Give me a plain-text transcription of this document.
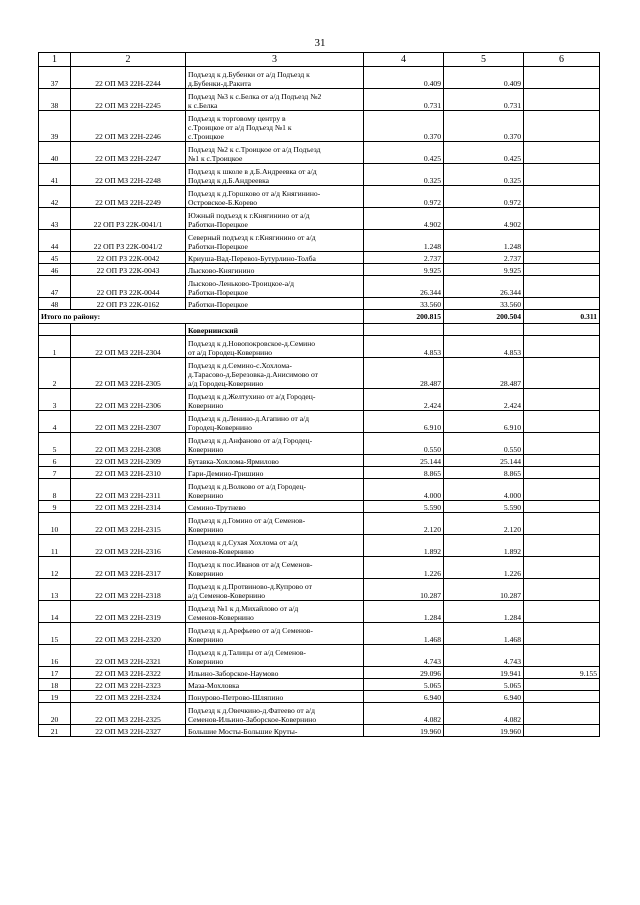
31
1	2	3	4	5	6
37	22 ОП МЗ 22Н-2244	Подъезд к д.Бубенки от а/д Подъезд к
д.Бубенки-д.Ракита	0.409	0.409	
38	22 ОП МЗ 22Н-2245	Подъезд №3 к с.Белка от а/д Подъезд №2
к с.Белка	0.731	0.731	
39	22 ОП МЗ 22Н-2246	Подъезд к торговому центру в
с.Троицкое от а/д Подъезд №1 к
с.Троицкое	0.370	0.370	
40	22 ОП МЗ 22Н-2247	Подъезд №2 к с.Троицкое от а/д Подъезд
№1 к с.Троицкое	0.425	0.425	
41	22 ОП МЗ 22Н-2248	Подъезд к школе в д.Б.Андреевка от а/д
Подъезд к д.Б.Андреевка	0.325	0.325	
42	22 ОП МЗ 22Н-2249	Подъезд к д.Горшково от а/д Княгинино-
Островское-Б.Корево	0.972	0.972	
43	22 ОП РЗ 22К-0041/1	Южный подъезд к г.Княгинино от а/д
Работки-Порецкое	4.902	4.902	
44	22 ОП РЗ 22К-0041/2	Северный подъезд к г.Княгинино от а/д
Работки-Порецкое	1.248	1.248	
45	22 ОП РЗ 22К-0042	Криуша-Вад-Перевоз-Бутурлино-Толба	2.737	2.737	
46	22 ОП РЗ 22К-0043	Лысково-Княгинино	9.925	9.925	
47	22 ОП РЗ 22К-0044	Лысково-Леньково-Троицкое-а/д
Работки-Порецкое	26.344	26.344	
48	22 ОП РЗ 22К-0162	Работки-Порецкое	33.560	33.560	
Итого по району:			200.815	200.504	0.311
		Ковернинский			
1	22 ОП МЗ 22Н-2304	Подъезд к д.Новопокровское-д.Семино
от а/д Городец-Ковернино	4.853	4.853	
2	22 ОП МЗ 22Н-2305	Подъезд к д.Семино-с.Хохлома-
д.Тарасово-д.Березовка-д.Анисимово от
а/д Городец-Ковернино	28.487	28.487	
3	22 ОП МЗ 22Н-2306	Подъезд к д.Желтухино от а/д Городец-
Ковернино	2.424	2.424	
4	22 ОП МЗ 22Н-2307	Подъезд к д.Ленино-д.Агапино от а/д
Городец-Ковернино	6.910	6.910	
5	22 ОП МЗ 22Н-2308	Подъезд к д.Анфаново от а/д Городец-
Ковернино	0.550	0.550	
6	22 ОП МЗ 22Н-2309	Бутавка-Хохлома-Ярмилово	25.144	25.144	
7	22 ОП МЗ 22Н-2310	Гари-Демино-Гришино	8.865	8.865	
8	22 ОП МЗ 22Н-2311	Подъезд к д.Волково от а/д Городец-
Ковернино	4.000	4.000	
9	22 ОП МЗ 22Н-2314	Семино-Трутнево	5.590	5.590	
10	22 ОП МЗ 22Н-2315	Подъезд к д.Гомино от а/д Семенов-
Ковернино	2.120	2.120	
11	22 ОП МЗ 22Н-2316	Подъезд к д.Сухая Хохлома от а/д
Семенов-Ковернино	1.892	1.892	
12	22 ОП МЗ 22Н-2317	Подъезд к пос.Иванов от а/д Семенов-
Ковернино	1.226	1.226	
13	22 ОП МЗ 22Н-2318	Подъезд к д.Протвиново-д.Купрово от
а/д Семенов-Ковернино	10.287	10.287	
14	22 ОП МЗ 22Н-2319	Подъезд №1 к д.Михайлово от а/д
Семенов-Ковернино	1.284	1.284	
15	22 ОП МЗ 22Н-2320	Подъезд к д.Арефьево от а/д Семенов-
Ковернино	1.468	1.468	
16	22 ОП МЗ 22Н-2321	Подъезд к д.Талицы от а/д Семенов-
Ковернино	4.743	4.743	
17	22 ОП МЗ 22Н-2322	Ильино-Заборское-Наумово	29.096	19.941	9.155
18	22 ОП МЗ 22Н-2323	Маза-Мохловка	5.065	5.065	
19	22 ОП МЗ 22Н-2324	Понурово-Петрово-Шляпино	6.940	6.940	
20	22 ОП МЗ 22Н-2325	Подъезд к д.Овечкино-д.Фатеево от а/д
Семенов-Ильино-Заборское-Ковернино	4.082	4.082	
21	22 ОП МЗ 22Н-2327	Большие Мосты-Большие Круты-	19.960	19.960	
